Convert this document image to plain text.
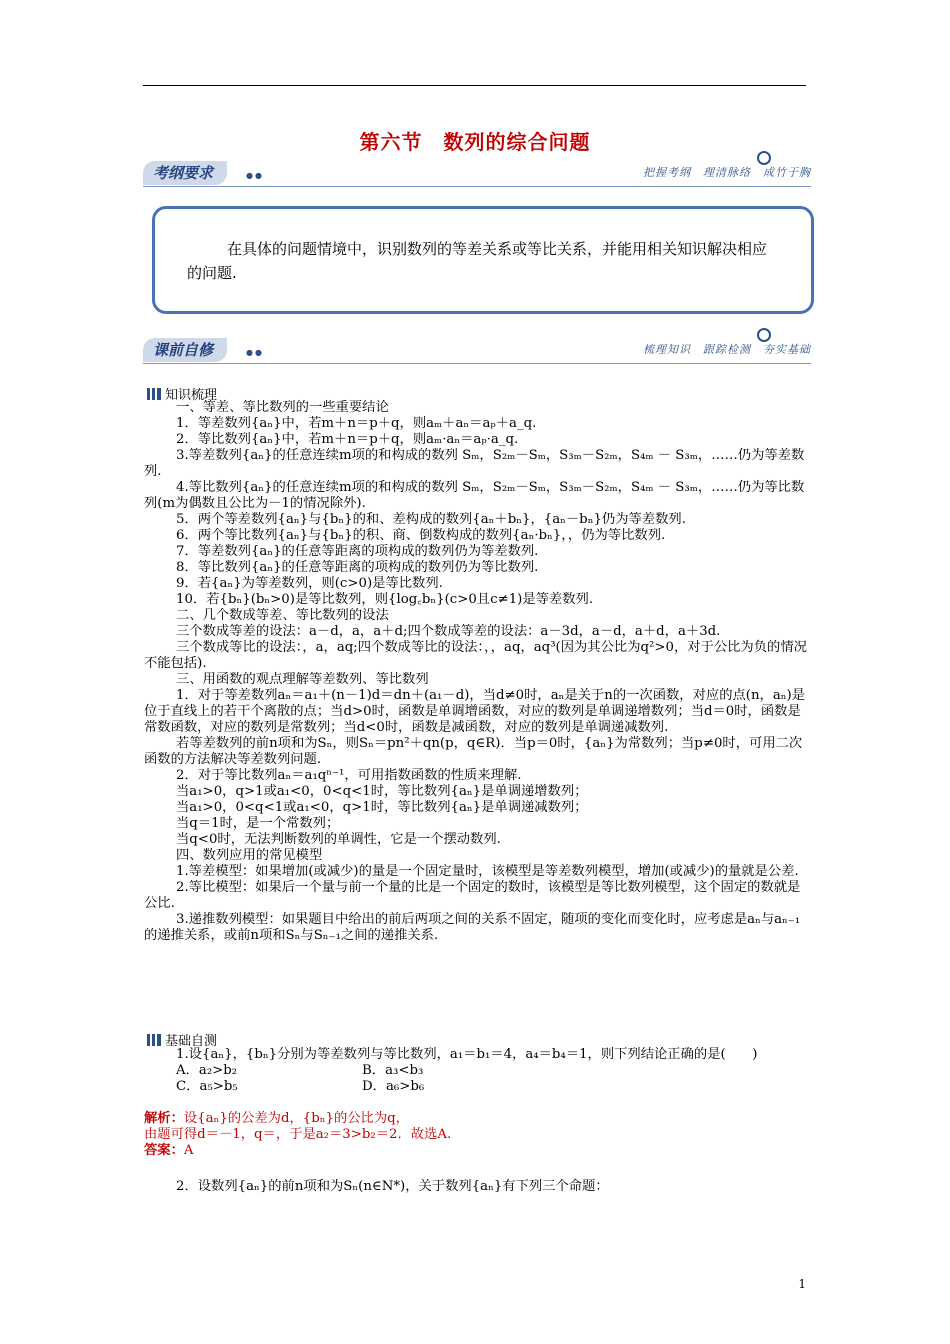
第六节　数列的综合问题
考纲要求	●●	把握考纲　理清脉络　成竹于胸

在具体的问题情境中，识别数列的等差关系或等比关系，并能用相关知识解决相应的问题.

课前自修	●●	梳理知识　跟踪检测　夯实基础
知识梳理

一、等差、等比数列的一些重要结论

1．等差数列{aₙ}中，若m＋n＝p＋q，则aₘ＋aₙ＝aₚ＋a_q.

2．等比数列{aₙ}中，若m＋n＝p＋q，则aₘ·aₙ＝aₚ·a_q.

3.等差数列{aₙ}的任意连续m项的和构成的数列 Sₘ，S₂ₘ－Sₘ，S₃ₘ－S₂ₘ，S₄ₘ － S₃ₘ，……仍为等差数列.

4.等比数列{aₙ}的任意连续m项的和构成的数列 Sₘ，S₂ₘ－Sₘ，S₃ₘ－S₂ₘ，S₄ₘ － S₃ₘ，……仍为等比数列(m为偶数且公比为－1的情况除外).

5．两个等差数列{aₙ}与{bₙ}的和、差构成的数列{aₙ＋bₙ}，{aₙ－bₙ}仍为等差数列.

6．两个等比数列{aₙ}与{bₙ}的积、商、倒数构成的数列{aₙ·bₙ}，，仍为等比数列.

7．等差数列{aₙ}的任意等距离的项构成的数列仍为等差数列.

8．等比数列{aₙ}的任意等距离的项构成的数列仍为等比数列.

9．若{aₙ}为等差数列，则(c>0)是等比数列.

10．若{bₙ}(bₙ>0)是等比数列，则{log꜀bₙ}(c>0且c≠1)是等差数列.

二、几个数成等差、等比数列的设法

三个数成等差的设法：a－d，a，a＋d;四个数成等差的设法：a－3d，a－d，a＋d，a＋3d.

三个数成等比的设法：，a，aq;四个数成等比的设法：，，aq，aq³(因为其公比为q²>0，对于公比为负的情况不能包括).

三、用函数的观点理解等差数列、等比数列

1．对于等差数列aₙ＝a₁＋(n－1)d＝dn＋(a₁－d)，当d≠0时，aₙ是关于n的一次函数，对应的点(n，aₙ)是位于直线上的若干个离散的点；当d>0时，函数是单调增函数，对应的数列是单调递增数列；当d＝0时，函数是常数函数，对应的数列是常数列；当d<0时，函数是减函数，对应的数列是单调递减数列.

若等差数列的前n项和为Sₙ，则Sₙ＝pn²＋qn(p，q∈R)．当p＝0时，{aₙ}为常数列；当p≠0时，可用二次函数的方法解决等差数列问题.

2．对于等比数列aₙ＝a₁qⁿ⁻¹，可用指数函数的性质来理解.

当a₁>0，q>1或a₁<0，0<q<1时，等比数列{aₙ}是单调递增数列；

当a₁>0，0<q<1或a₁<0，q>1时，等比数列{aₙ}是单调递减数列；

当q＝1时，是一个常数列；

当q<0时，无法判断数列的单调性，它是一个摆动数列.

四、数列应用的常见模型

1.等差模型：如果增加(或减少)的量是一个固定量时，该模型是等差数列模型，增加(或减少)的量就是公差.

2.等比模型：如果后一个量与前一个量的比是一个固定的数时，该模型是等比数列模型，这个固定的数就是公比.

3.递推数列模型：如果题目中给出的前后两项之间的关系不固定，随项的变化而变化时，应考虑是aₙ与aₙ₋₁的递推关系，或前n项和Sₙ与Sₙ₋₁之间的递推关系.

基础自测

1.设{aₙ}，{bₙ}分别为等差数列与等比数列，a₁＝b₁＝4，a₄＝b₄＝1，则下列结论正确的是(　　)

A．a₂>b₂	B．a₃<b₃
C．a₅>b₅	D．a₆>b₆

解析：设{aₙ}的公差为d，{bₙ}的公比为q，

由题可得d＝－1，q＝，于是a₂＝3>b₂＝2．故选A.

答案：A

2．设数列{aₙ}的前n项和为Sₙ(n∈N*)，关于数列{aₙ}有下列三个命题：

1
